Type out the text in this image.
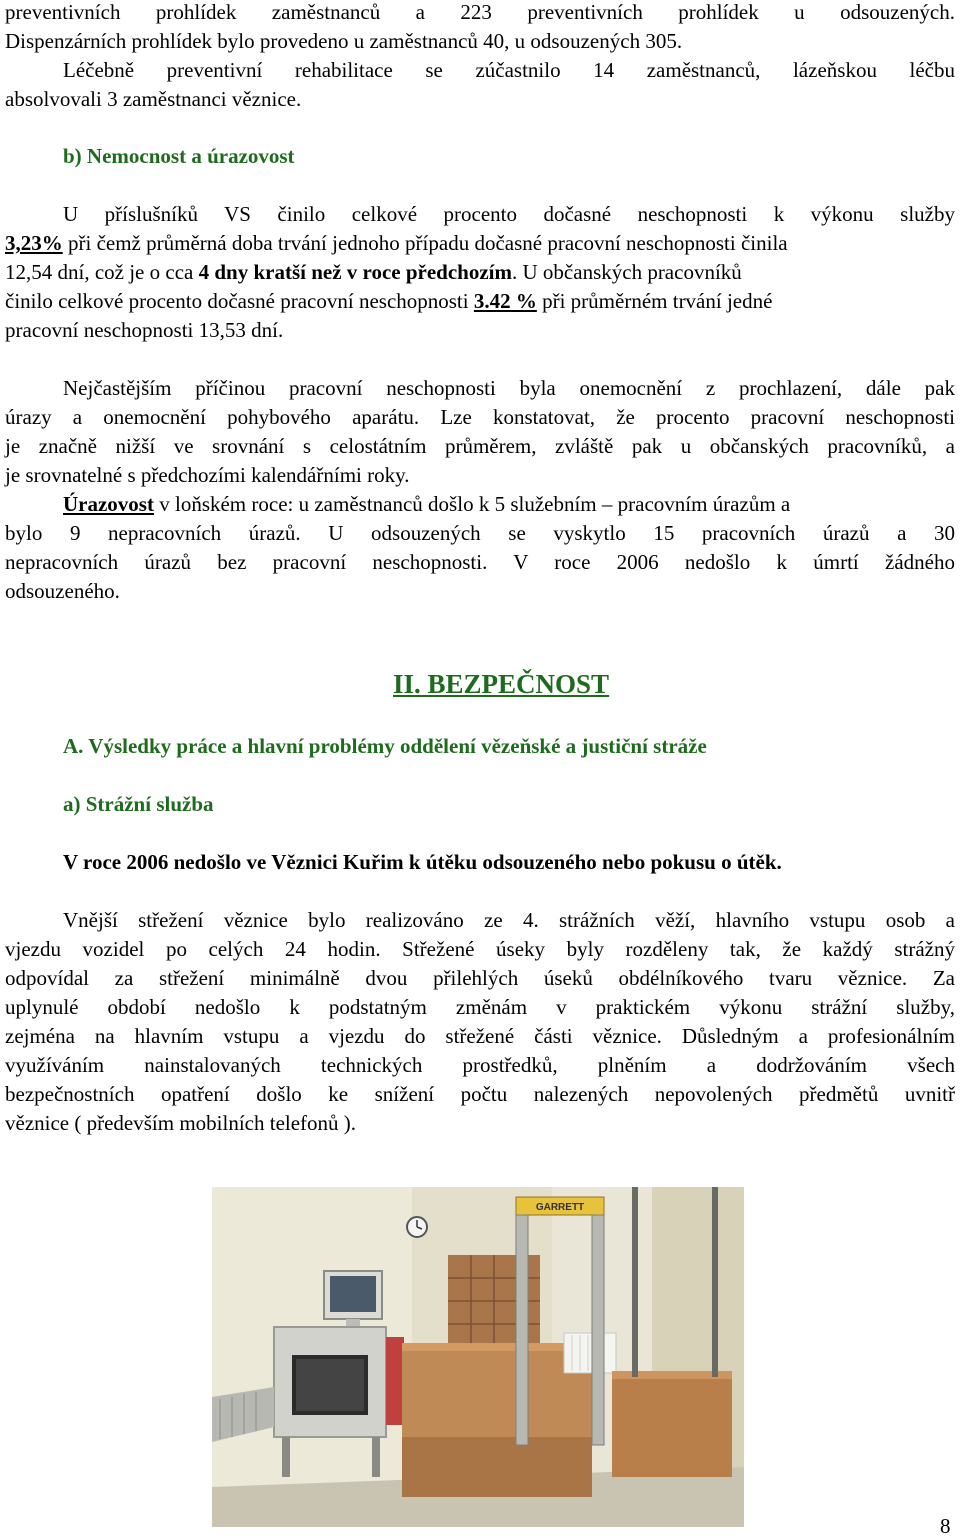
preventivních prohlídek zaměstnanců a 223 preventivních prohlídek u odsouzených.
Dispenzárních prohlídek bylo provedeno u zaměstnanců 40, u odsouzených 305.
Léčebně preventivní rehabilitace se zúčastnilo 14 zaměstnanců, lázeňskou léčbu
absolvovali 3 zaměstnanci věznice.
b) Nemocnost a úrazovost
U příslušníků VS činilo celkové procento dočasné neschopnosti k výkonu služby
3,23% při čemž průměrná doba trvání jednoho případu dočasné pracovní neschopnosti činila
12,54 dní, což je o cca 4 dny kratší než v roce předchozím. U občanských pracovníků
činilo celkové procento dočasné pracovní neschopnosti 3.42 % při průměrném trvání jedné
pracovní neschopnosti 13,53 dní.
Nejčastějším příčinou pracovní neschopnosti byla onemocnění z prochlazení, dále pak
úrazy a onemocnění pohybového aparátu. Lze konstatovat, že procento pracovní neschopnosti
je značně nižší ve srovnání s celostátním průměrem, zvláště pak u občanských pracovníků, a
je srovnatelné s předchozími kalendářními roky.
Úrazovost v loňském roce: u zaměstnanců došlo k 5 služebním – pracovním úrazům a
bylo 9 nepracovních úrazů. U odsouzených se vyskytlo 15 pracovních úrazů a 30
nepracovních úrazů bez pracovní neschopnosti. V roce 2006 nedošlo k úmrtí žádného
odsouzeného.
II. BEZPEČNOST
A. Výsledky práce a hlavní problémy oddělení vězeňské a justiční stráže
a) Strážní služba
V roce 2006 nedošlo ve Věznici Kuřim k útěku odsouzeného nebo pokusu o útěk.
Vnější střežení věznice bylo realizováno ze 4. strážních věží, hlavního vstupu osob a
vjezdu vozidel po celých 24 hodin. Střežené úseky byly rozděleny tak, že každý strážný
odpovídal za střežení minimálně dvou přilehlých úseků obdélníkového tvaru věznice. Za
uplynulé období nedošlo k podstatným změnám v praktickém výkonu strážní služby,
zejména na hlavním vstupu a vjezdu do střežené části věznice. Důsledným a profesionálním
využíváním nainstalovaných technických prostředků, plněním a dodržováním všech
bezpečnostních opatření došlo ke snížení počtu nalezených nepovolených předmětů uvnitř
věznice ( především mobilních telefonů ).
GARRETT
8
